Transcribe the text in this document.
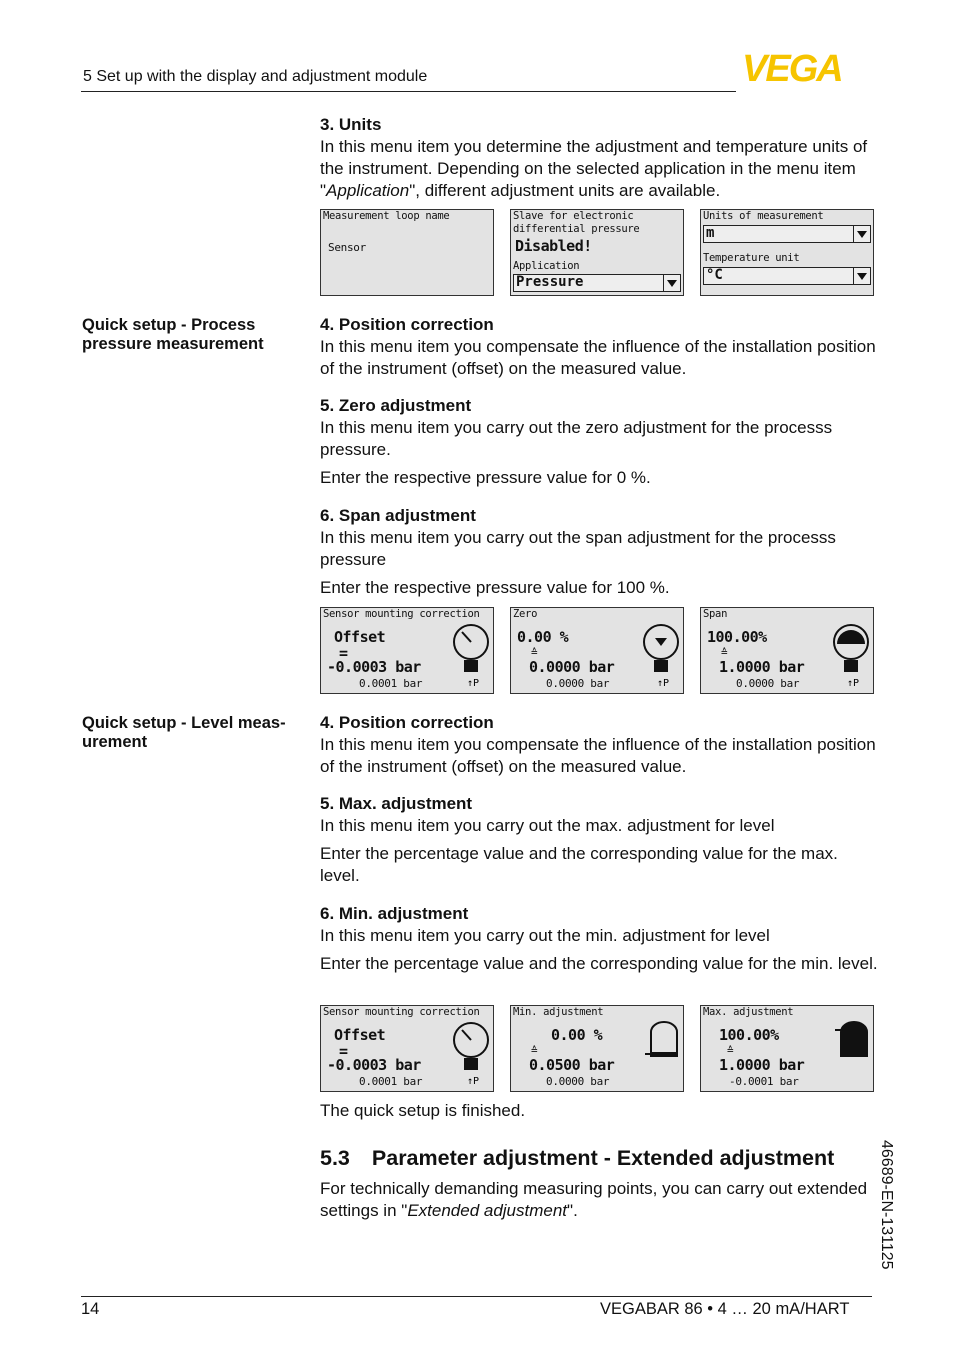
5 Set up with the display and adjustment module	VEGA
3. Units

In this menu item you determine the adjustment and temperature units of the instrument. Depending on the selected application in the menu item "Application", different adjustment units are available.

Measurement loop name
Sensor
Slave for electronic
differential pressure
Disabled!
Application
Pressure
Units of measurement
m
Temperature unit
°C
Quick setup - Process
pressure measurement
4. Position correction

In this menu item you compensate the influence of the installation position of the instrument (offset) on the measured value.

5. Zero adjustment

In this menu item you carry out the zero adjustment for the processs pressure.

Enter the respective pressure value for 0 %.

6. Span adjustment

In this menu item you carry out the span adjustment for the processs pressure

Enter the respective pressure value for 100 %.

Sensor mounting correction
Offset
=
-0.0003 bar
0.0001 bar	↑P
Zero
0.00 %
≙
0.0000 bar
0.0000 bar	↑P
Span
100.00%
≙
1.0000 bar
0.0000 bar	↑P
Quick setup - Level meas-
urement
4. Position correction

In this menu item you compensate the influence of the installation position of the instrument (offset) on the measured value.

5. Max. adjustment

In this menu item you carry out the max. adjustment for level

Enter the percentage value and the corresponding value for the max. level.

6. Min. adjustment

In this menu item you carry out the min. adjustment for level

Enter the percentage value and the corresponding value for the min. level.

Sensor mounting correction
Offset
=
-0.0003 bar
0.0001 bar	↑P
Min. adjustment
0.00 %
≙
0.0500 bar
0.0000 bar
Max. adjustment
100.00%
≙
1.0000 bar
-0.0001 bar
The quick setup is finished.
5.3 Parameter adjustment - Extended adjustment

For technically demanding measuring points, you can carry out extended settings in "Extended adjustment".	46689-EN-131125
14	VEGABAR 86 • 4 … 20 mA/HART
